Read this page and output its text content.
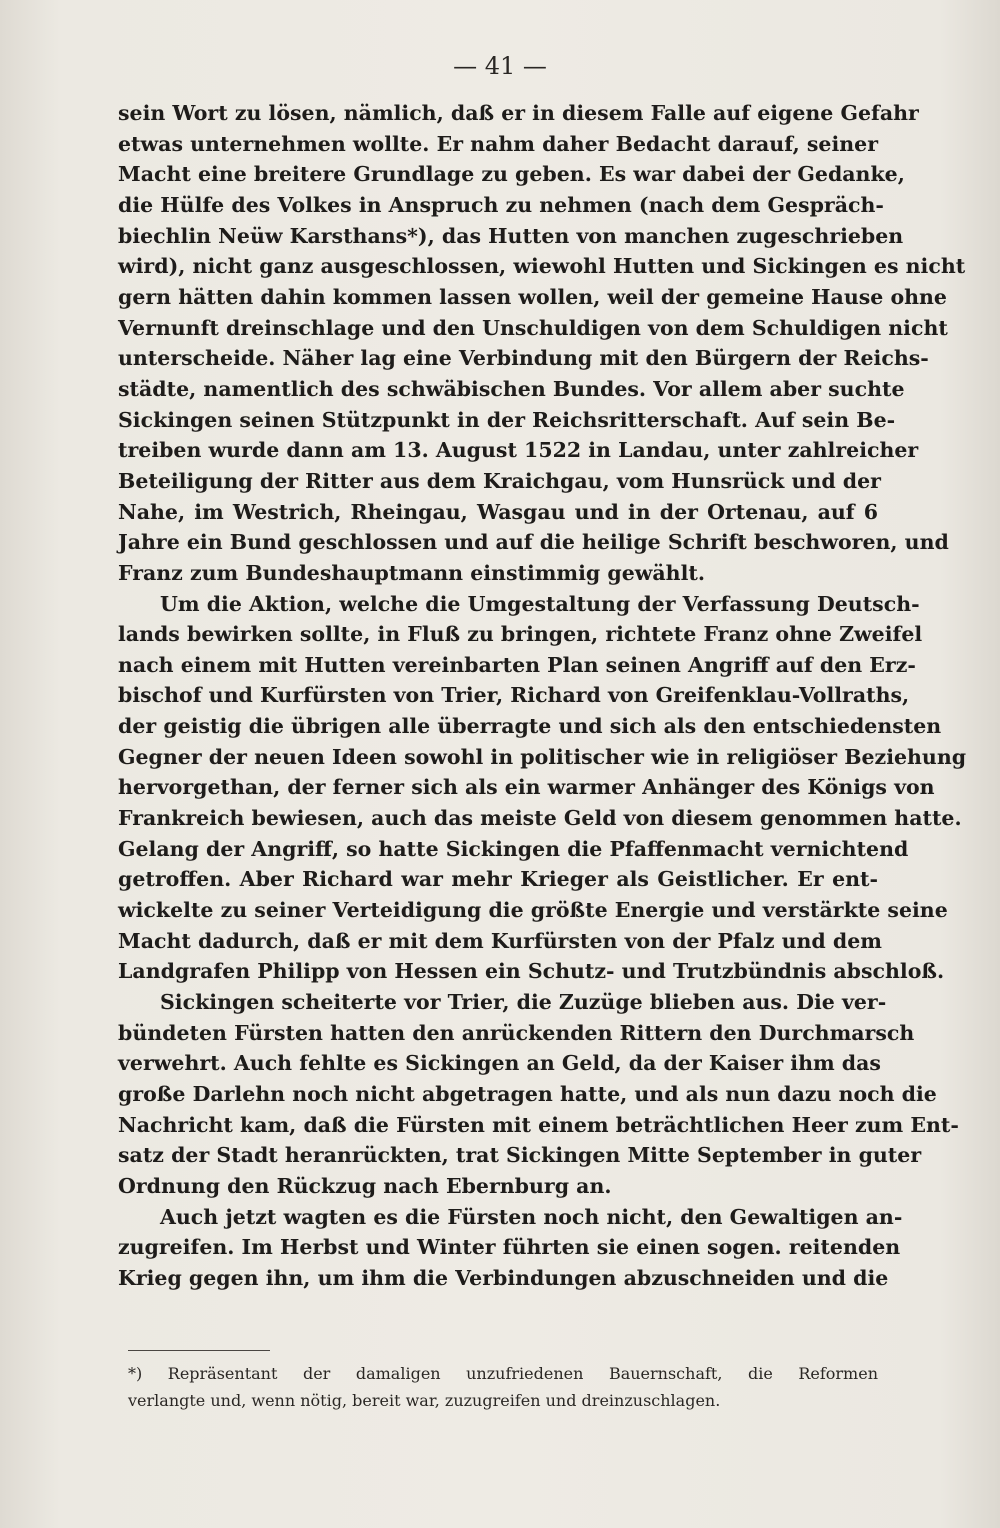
— 41 —
sein Wort zu lösen, nämlich, daß er in diesem Falle auf eigene Gefahr
etwas unternehmen wollte. Er nahm daher Bedacht darauf, seiner
Macht eine breitere Grundlage zu geben. Es war dabei der Gedanke,
die Hülfe des Volkes in Anspruch zu nehmen (nach dem Gespräch-
biechlin Neüw Karsthans*), das Hutten von manchen zugeschrieben
wird), nicht ganz ausgeschlossen, wiewohl Hutten und Sickingen es nicht
gern hätten dahin kommen lassen wollen, weil der gemeine Hause ohne
Vernunft dreinschlage und den Unschuldigen von dem Schuldigen nicht
unterscheide. Näher lag eine Verbindung mit den Bürgern der Reichs-
städte, namentlich des schwäbischen Bundes. Vor allem aber suchte
Sickingen seinen Stützpunkt in der Reichsritterschaft. Auf sein Be-
treiben wurde dann am 13. August 1522 in Landau, unter zahlreicher
Beteiligung der Ritter aus dem Kraichgau, vom Hunsrück und der
Nahe, im Westrich, Rheingau, Wasgau und in der Ortenau, auf 6
Jahre ein Bund geschlossen und auf die heilige Schrift beschworen, und
Franz zum Bundeshauptmann einstimmig gewählt.
Um die Aktion, welche die Umgestaltung der Verfassung Deutsch-
lands bewirken sollte, in Fluß zu bringen, richtete Franz ohne Zweifel
nach einem mit Hutten vereinbarten Plan seinen Angriff auf den Erz-
bischof und Kurfürsten von Trier, Richard von Greifenklau-Vollraths,
der geistig die übrigen alle überragte und sich als den entschiedensten
Gegner der neuen Ideen sowohl in politischer wie in religiöser Beziehung
hervorgethan, der ferner sich als ein warmer Anhänger des Königs von
Frankreich bewiesen, auch das meiste Geld von diesem genommen hatte.
Gelang der Angriff, so hatte Sickingen die Pfaffenmacht vernichtend
getroffen. Aber Richard war mehr Krieger als Geistlicher. Er ent-
wickelte zu seiner Verteidigung die größte Energie und verstärkte seine
Macht dadurch, daß er mit dem Kurfürsten von der Pfalz und dem
Landgrafen Philipp von Hessen ein Schutz- und Trutzbündnis abschloß.
Sickingen scheiterte vor Trier, die Zuzüge blieben aus. Die ver-
bündeten Fürsten hatten den anrückenden Rittern den Durchmarsch
verwehrt. Auch fehlte es Sickingen an Geld, da der Kaiser ihm das
große Darlehn noch nicht abgetragen hatte, und als nun dazu noch die
Nachricht kam, daß die Fürsten mit einem beträchtlichen Heer zum Ent-
satz der Stadt heranrückten, trat Sickingen Mitte September in guter
Ordnung den Rückzug nach Ebernburg an.
Auch jetzt wagten es die Fürsten noch nicht, den Gewaltigen an-
zugreifen. Im Herbst und Winter führten sie einen sogen. reitenden
Krieg gegen ihn, um ihm die Verbindungen abzuschneiden und die
*) Repräsentant der damaligen unzufriedenen Bauernschaft, die Reformen
verlangte und, wenn nötig, bereit war, zuzugreifen und dreinzuschlagen.
